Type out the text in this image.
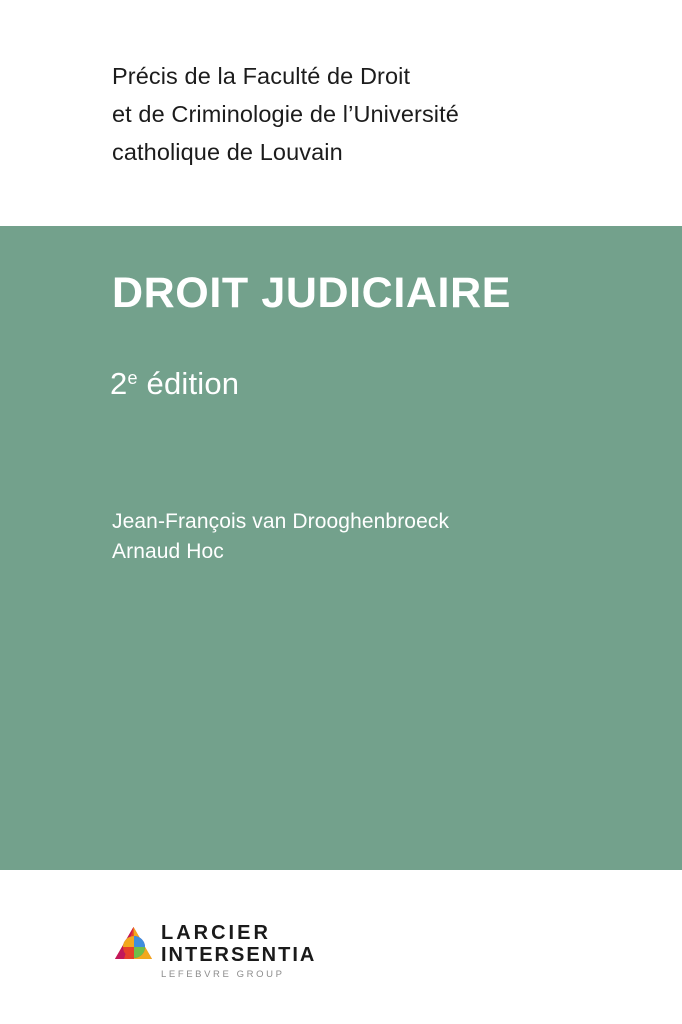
Précis de la Faculté de Droit
et de Criminologie de l’Université
catholique de Louvain
DROIT JUDICIAIRE
2e édition
Jean-François van Drooghenbroeck
Arnaud Hoc
LARCIER
INTERSENTIA
LEFEBVRE GROUP
